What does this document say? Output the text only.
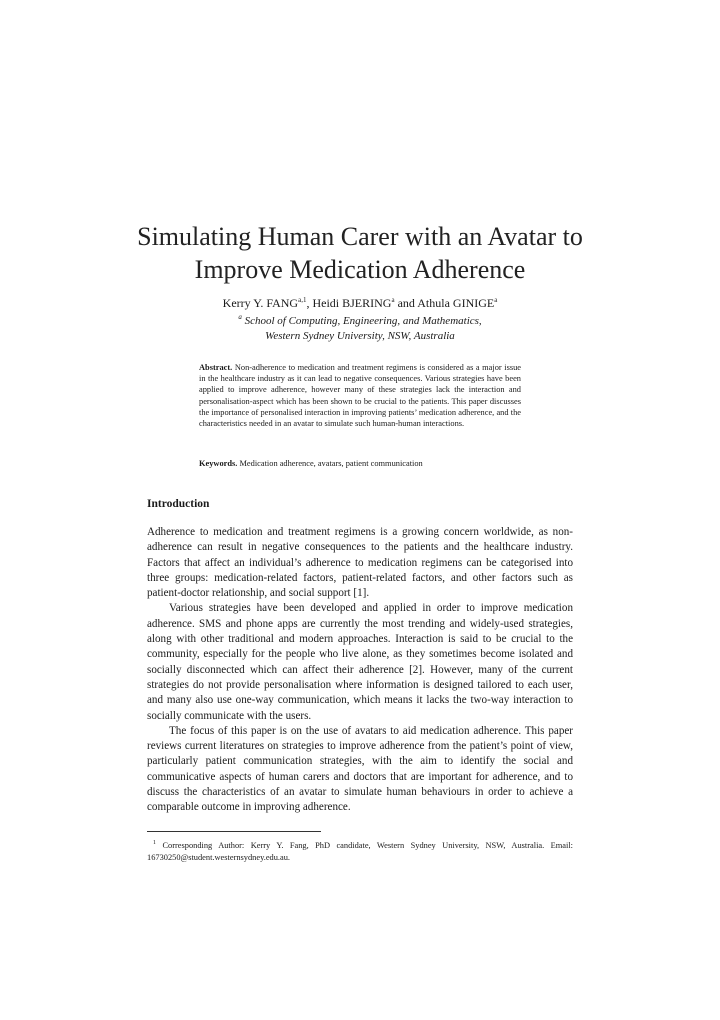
Simulating Human Carer with an Avatar to
Improve Medication Adherence
Kerry Y. FANG$^{a,1}$, Heidi BJERING$^a$ and Athula GINIGE$^a$
$^a$ School of Computing, Engineering, and Mathematics,
Western Sydney University, NSW, Australia
Abstract. Non-adherence to medication and treatment regimens is considered as a major issue in the healthcare industry as it can lead to negative consequences. Various strategies have been applied to improve adherence, however many of these strategies lack the interaction and personalisation-aspect which has been shown to be crucial to the patients. This paper discusses the importance of personalised interaction in improving patients’ medication adherence, and the characteristics needed in an avatar to simulate such human-human interactions.
Keywords. Medication adherence, avatars, patient communication
Introduction

Adherence to medication and treatment regimens is a growing concern worldwide, as non-adherence can result in negative consequences to the patients and the healthcare industry. Factors that affect an individual’s adherence to medication regimens can be categorised into three groups: medication-related factors, patient-related factors, and other factors such as patient-doctor relationship, and social support [1].

Various strategies have been developed and applied in order to improve medication adherence. SMS and phone apps are currently the most trending and widely-used strategies, along with other traditional and modern approaches. Interaction is said to be crucial to the community, especially for the people who live alone, as they sometimes become isolated and socially disconnected which can affect their adherence [2]. However, many of the current strategies do not provide personalisation where information is designed tailored to each user, and many also use one-way communication, which means it lacks the two-way interaction to socially communicate with the users.

The focus of this paper is on the use of avatars to aid medication adherence. This paper reviews current literatures on strategies to improve adherence from the patient’s point of view, particularly patient communication strategies, with the aim to identify the social and communicative aspects of human carers and doctors that are important for adherence, and to discuss the characteristics of an avatar to simulate human behaviours in order to achieve a comparable outcome in improving adherence.

$^1$ Corresponding Author: Kerry Y. Fang, PhD candidate, Western Sydney University, NSW, Australia. Email: 16730250@student.westernsydney.edu.au.
